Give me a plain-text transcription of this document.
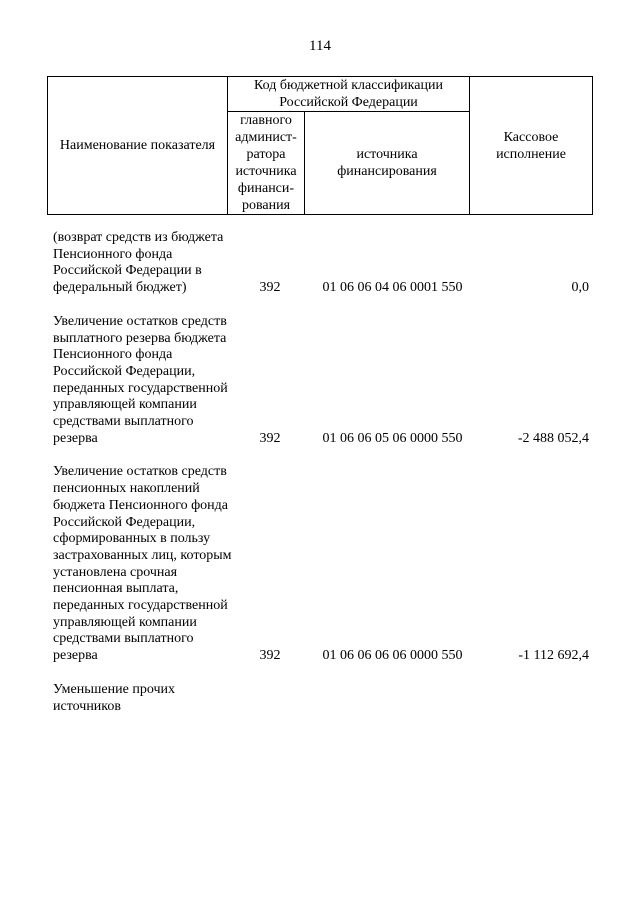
114
Наименование показателя	Код бюджетной классификации Российской Федерации		Кассовое исполнение
	главного админист- ратора источника финанси- рования	источника финансирования	
(возврат средств из бюджета Пенсионного фонда Российской Федерации в федеральный бюджет)	392	01 06 06 04 06 0001 550	0,0
Увеличение остатков средств выплатного резерва бюджета Пенсионного фонда Российской Федерации, переданных государственной управляющей компании средствами выплатного резерва	392	01 06 06 05 06 0000 550	-2 488 052,4
Увеличение остатков средств пенсионных накоплений бюджета Пенсионного фонда Российской Федерации, сформированных в пользу застрахованных лиц, которым установлена срочная пенсионная выплата, переданных государственной управляющей компании средствами выплатного резерва	392	01 06 06 06 06 0000 550	-1 112 692,4
Уменьшение прочих источников
